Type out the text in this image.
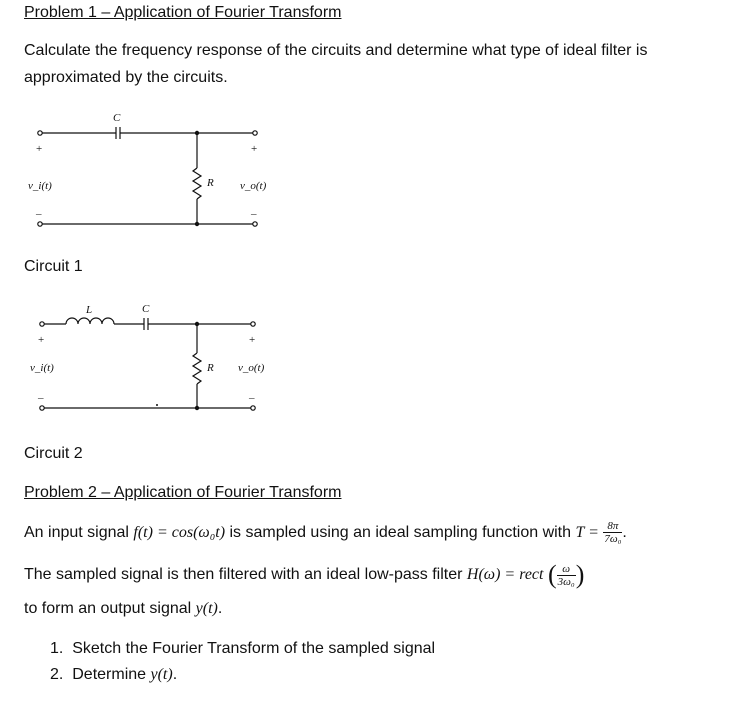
Problem 1 – Application of Fourier Transform
Calculate the frequency response of the circuits and determine what type of ideal filter is
approximated by the circuits.
C
R
v_i(t)	v_o(t)
+
–
+
–
Circuit 1
L	C
R
v_i(t)	v_o(t)
+
–
+
–
Circuit 2
Problem 2 – Application of Fourier Transform
An input signal f(t) = cos(ω₀t) is sampled using an ideal sampling function with $T = \frac{8\pi}{\text{7ω₀}}$ .
The sampled signal is then filtered with an ideal low-pass filter H(ω) = rect ( $\frac{\omega}{\text{3ω₀}}$ )
to form an output signal y(t).
1. Sketch the Fourier Transform of the sampled signal
2. Determine y(t).
